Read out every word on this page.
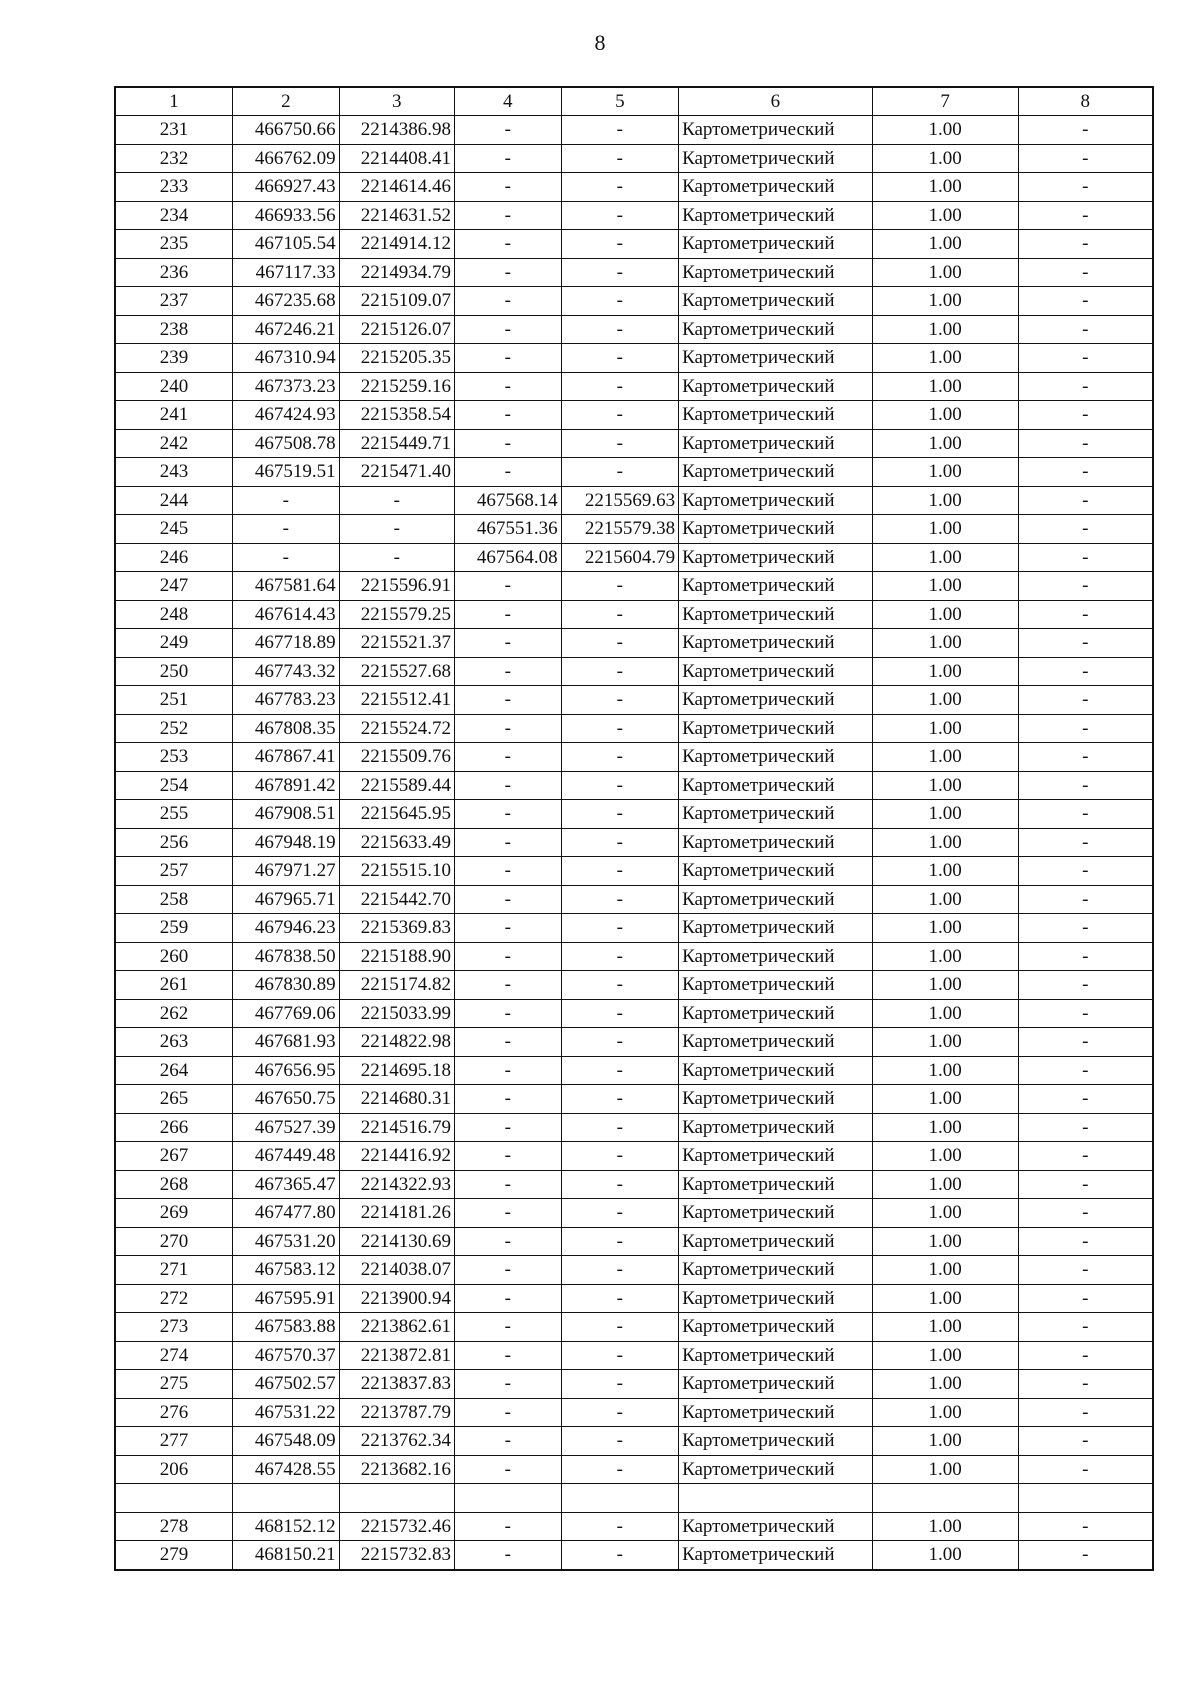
8
1	2	3	4	5	6	7	8
231	466750.66	2214386.98	-	-	Картометрический	1.00	-
232	466762.09	2214408.41	-	-	Картометрический	1.00	-
233	466927.43	2214614.46	-	-	Картометрический	1.00	-
234	466933.56	2214631.52	-	-	Картометрический	1.00	-
235	467105.54	2214914.12	-	-	Картометрический	1.00	-
236	467117.33	2214934.79	-	-	Картометрический	1.00	-
237	467235.68	2215109.07	-	-	Картометрический	1.00	-
238	467246.21	2215126.07	-	-	Картометрический	1.00	-
239	467310.94	2215205.35	-	-	Картометрический	1.00	-
240	467373.23	2215259.16	-	-	Картометрический	1.00	-
241	467424.93	2215358.54	-	-	Картометрический	1.00	-
242	467508.78	2215449.71	-	-	Картометрический	1.00	-
243	467519.51	2215471.40	-	-	Картометрический	1.00	-
244	-	-	467568.14	2215569.63	Картометрический	1.00	-
245	-	-	467551.36	2215579.38	Картометрический	1.00	-
246	-	-	467564.08	2215604.79	Картометрический	1.00	-
247	467581.64	2215596.91	-	-	Картометрический	1.00	-
248	467614.43	2215579.25	-	-	Картометрический	1.00	-
249	467718.89	2215521.37	-	-	Картометрический	1.00	-
250	467743.32	2215527.68	-	-	Картометрический	1.00	-
251	467783.23	2215512.41	-	-	Картометрический	1.00	-
252	467808.35	2215524.72	-	-	Картометрический	1.00	-
253	467867.41	2215509.76	-	-	Картометрический	1.00	-
254	467891.42	2215589.44	-	-	Картометрический	1.00	-
255	467908.51	2215645.95	-	-	Картометрический	1.00	-
256	467948.19	2215633.49	-	-	Картометрический	1.00	-
257	467971.27	2215515.10	-	-	Картометрический	1.00	-
258	467965.71	2215442.70	-	-	Картометрический	1.00	-
259	467946.23	2215369.83	-	-	Картометрический	1.00	-
260	467838.50	2215188.90	-	-	Картометрический	1.00	-
261	467830.89	2215174.82	-	-	Картометрический	1.00	-
262	467769.06	2215033.99	-	-	Картометрический	1.00	-
263	467681.93	2214822.98	-	-	Картометрический	1.00	-
264	467656.95	2214695.18	-	-	Картометрический	1.00	-
265	467650.75	2214680.31	-	-	Картометрический	1.00	-
266	467527.39	2214516.79	-	-	Картометрический	1.00	-
267	467449.48	2214416.92	-	-	Картометрический	1.00	-
268	467365.47	2214322.93	-	-	Картометрический	1.00	-
269	467477.80	2214181.26	-	-	Картометрический	1.00	-
270	467531.20	2214130.69	-	-	Картометрический	1.00	-
271	467583.12	2214038.07	-	-	Картометрический	1.00	-
272	467595.91	2213900.94	-	-	Картометрический	1.00	-
273	467583.88	2213862.61	-	-	Картометрический	1.00	-
274	467570.37	2213872.81	-	-	Картометрический	1.00	-
275	467502.57	2213837.83	-	-	Картометрический	1.00	-
276	467531.22	2213787.79	-	-	Картометрический	1.00	-
277	467548.09	2213762.34	-	-	Картометрический	1.00	-
206	467428.55	2213682.16	-	-	Картометрический	1.00	-

278	468152.12	2215732.46	-	-	Картометрический	1.00	-
279	468150.21	2215732.83	-	-	Картометрический	1.00	-
